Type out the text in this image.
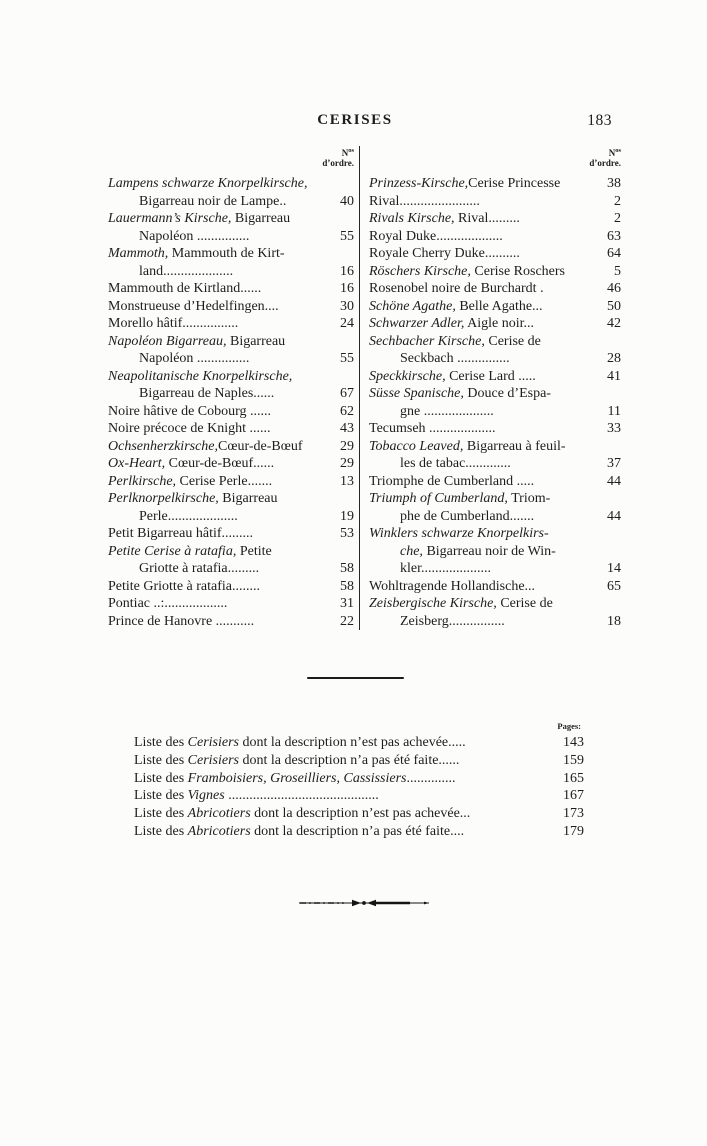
CERISES	183
$N^{os}$
d’ordre.
Lampens schwarze Knorpelkirsche,
Bigarreau noir de Lampe..	40
Lauermann’s Kirsche, Bigarreau
Napoléon ...............	55
Mammoth, Mammouth de Kirt-
land....................	16
Mammouth de Kirtland......	16
Monstrueuse d’Hedelfingen....	30
Morello hâtif................	24
Napoléon Bigarreau, Bigarreau
Napoléon ...............	55
Neapolitanische Knorpelkirsche,
Bigarreau de Naples......	67
Noire hâtive de Cobourg ......	62
Noire précoce de Knight ......	43
Ochsenherzkirsche,Cœur-de-Bœuf	29
Ox-Heart, Cœur-de-Bœuf......	29
Perlkirsche, Cerise Perle.......	13
Perlknorpelkirsche, Bigarreau
Perle....................	19
Petit Bigarreau hâtif.........	53
Petite Cerise à ratafia, Petite
Griotte à ratafia.........	58
Petite Griotte à ratafia........	58
Pontiac ..:..................	31
Prince de Hanovre ...........	22
$N^{os}$
d’ordre.
Prinzess-Kirsche,Cerise Princesse	38
Rival.......................	2
Rivals Kirsche, Rival.........	2
Royal Duke...................	63
Royale Cherry Duke..........	64
Röschers Kirsche, Cerise Roschers	5
Rosenobel noire de Burchardt .	46
Schöne Agathe, Belle Agathe...	50
Schwarzer Adler, Aigle noir...	42
Sechbacher Kirsche, Cerise de
Seckbach ...............	28
Speckkirsche, Cerise Lard .....	41
Süsse Spanische, Douce d’Espa-
gne ....................	11
Tecumseh ...................	33
Tobacco Leaved, Bigarreau à feuil-
les de tabac.............	37
Triomphe de Cumberland .....	44
Triumph of Cumberland, Triom-
phe de Cumberland.......	44
Winklers schwarze Knorpelkirs-
che, Bigarreau noir de Win-
kler....................	14
Wohltragende Hollandische...	65
Zeisbergische Kirsche, Cerise de
Zeisberg................	18
Pages:
Liste des Cerisiers dont la description n’est pas achevée.....	143
Liste des Cerisiers dont la description n’a pas été faite......	159
Liste des Framboisiers, Groseilliers, Cassissiers..............	165
Liste des Vignes ...........................................	167
Liste des Abricotiers dont la description n’est pas achevée...	173
Liste des Abricotiers dont la description n’a pas été faite....	179
